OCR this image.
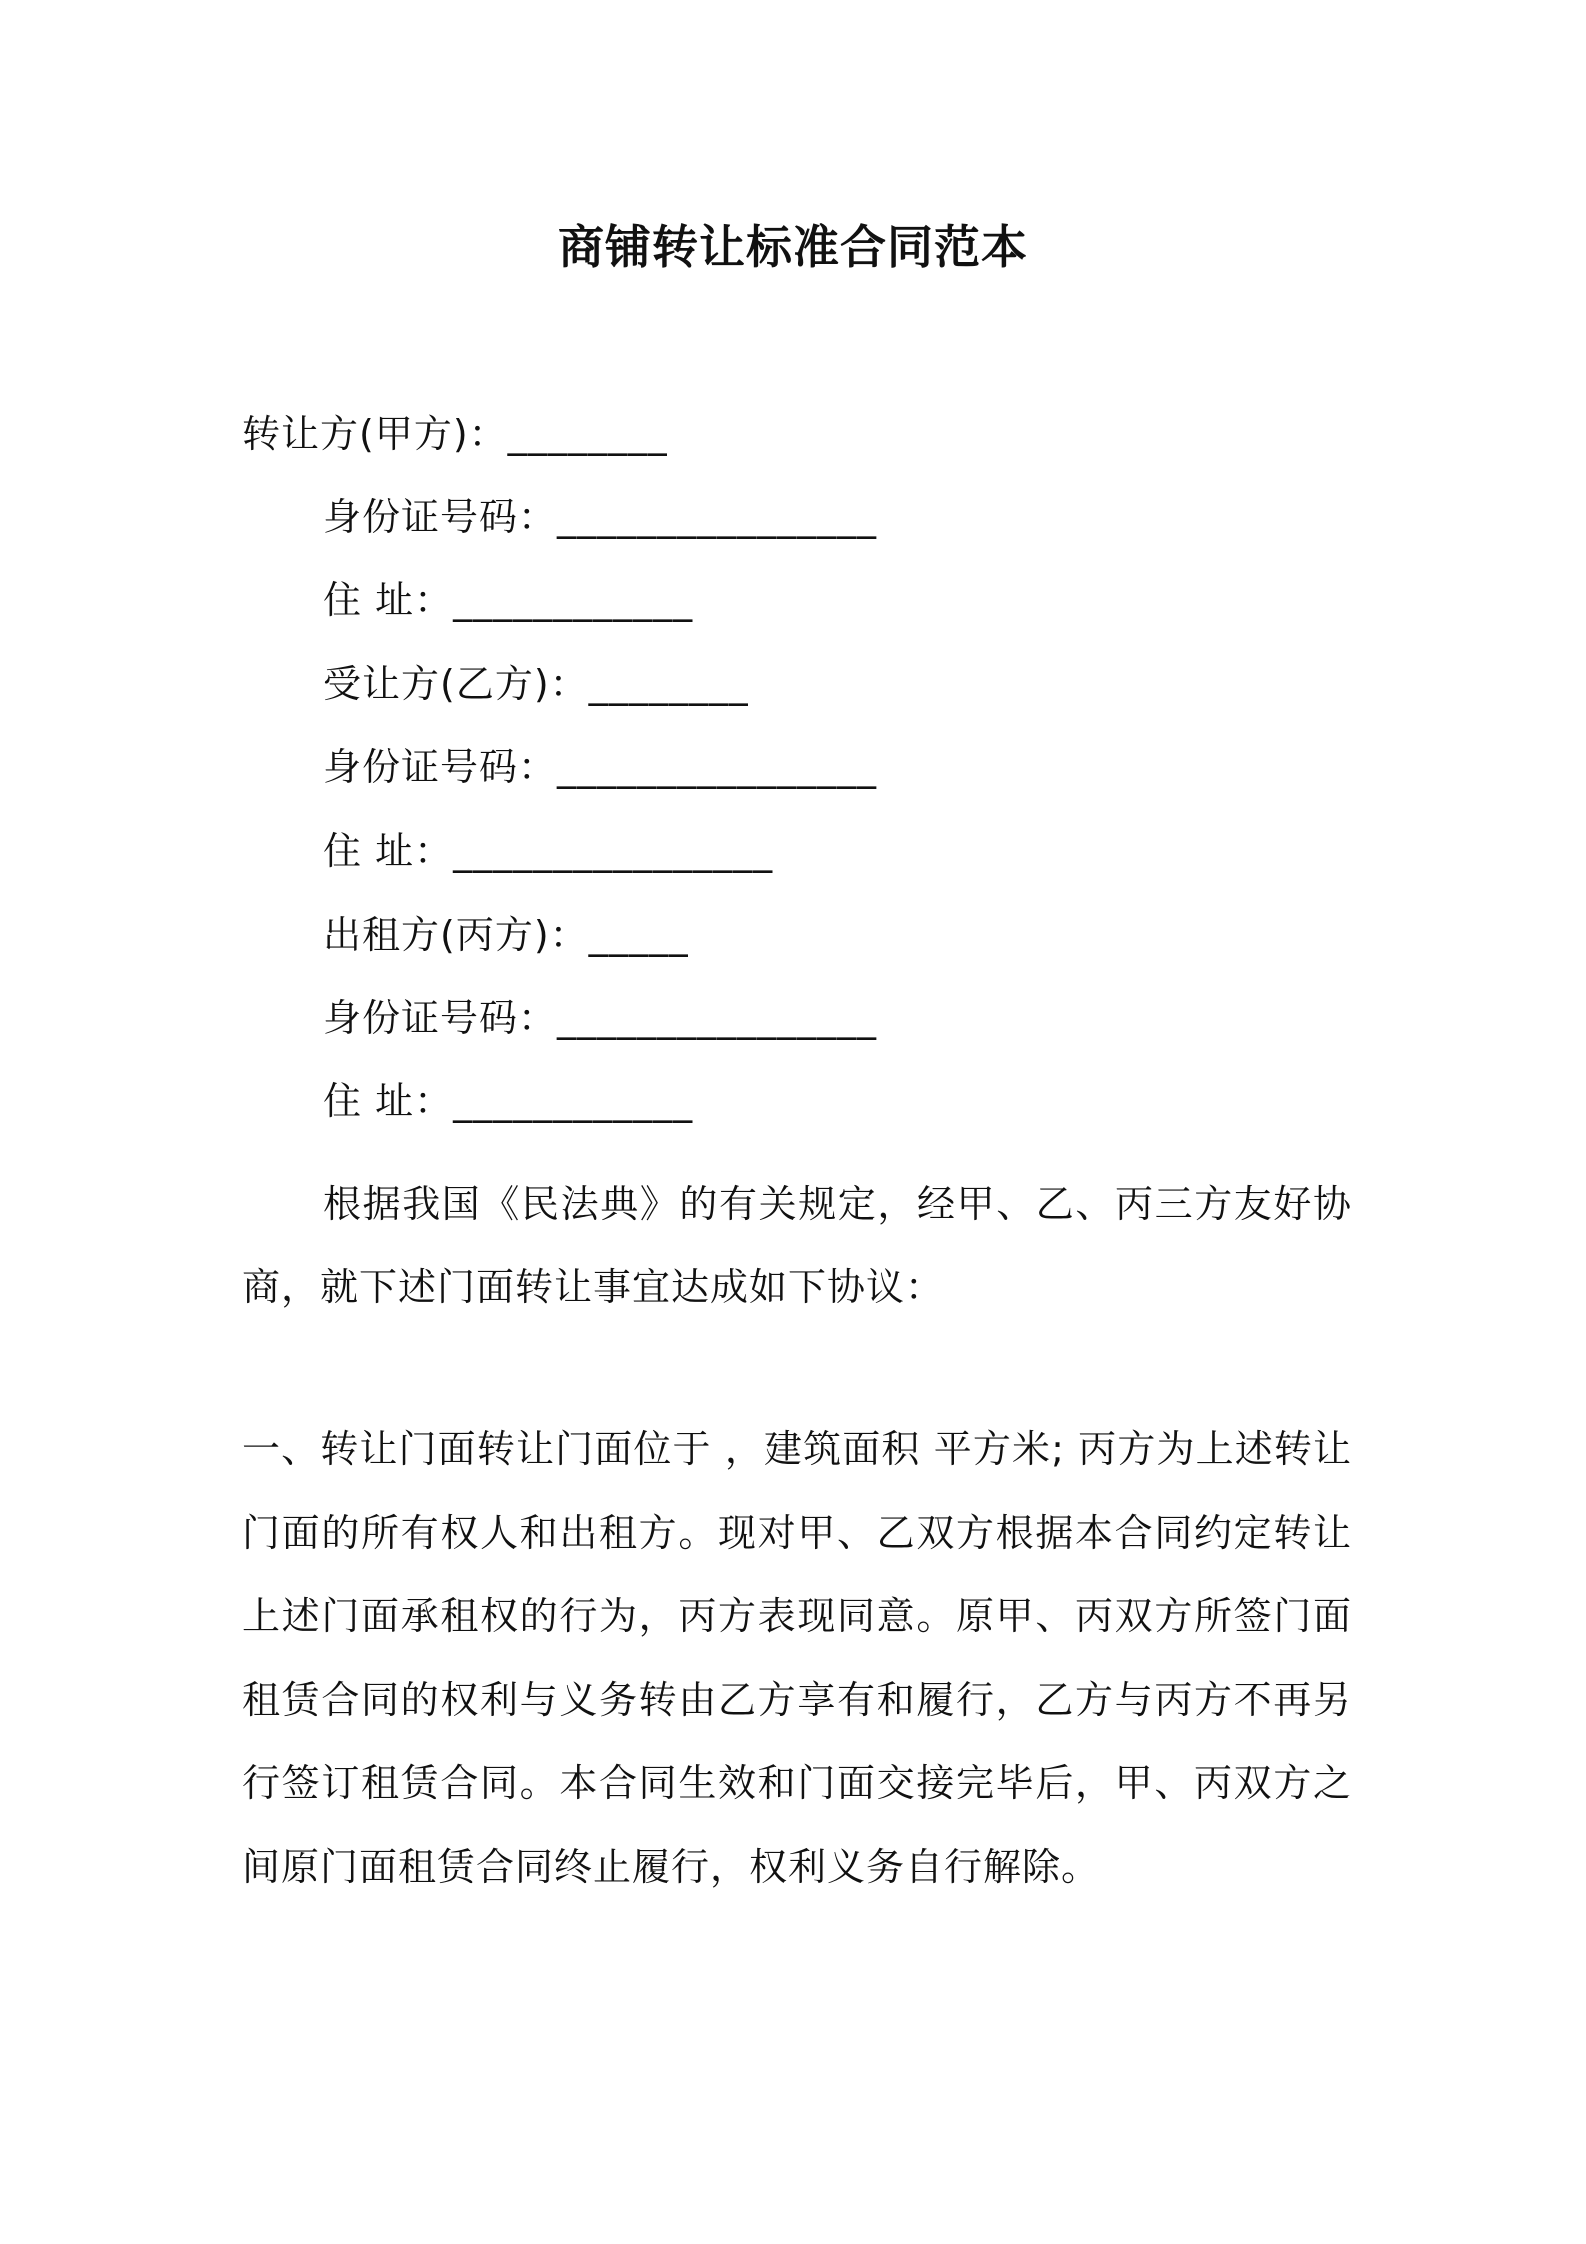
商铺转让标准合同范本
转让方(甲方)：________
身份证号码：________________
住 址：____________
受让方(乙方)：________
身份证号码：________________
住 址：________________
出租方(丙方)：_____
身份证号码：________________
住 址：____________
根据我国《民法典》的有关规定，经甲、乙、丙三方友好协商，就下述门面转让事宜达成如下协议：
一、转让门面转让门面位于 ，建筑面积 平方米; 丙方为上述转让门面的所有权人和出租方。现对甲、乙双方根据本合同约定转让上述门面承租权的行为，丙方表现同意。原甲、丙双方所签门面租赁合同的权利与义务转由乙方享有和履行，乙方与丙方不再另行签订租赁合同。本合同生效和门面交接完毕后，甲、丙双方之间原门面租赁合同终止履行，权利义务自行解除。
